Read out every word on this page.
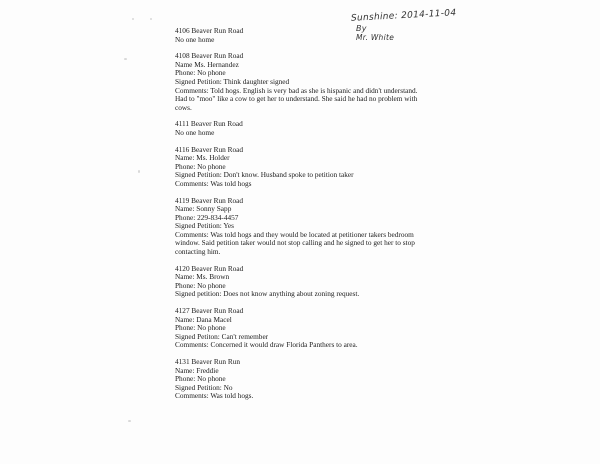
Sunshine: 2014-11-04
By
Mr. White
4106 Beaver Run Road
No one home
4108 Beaver Run Road
Name Ms. Hernandez
Phone: No phone
Signed Petition: Think daughter signed
Comments: Told hogs. English is very bad as she is hispanic and didn't understand. Had to "moo" like a cow to get her to understand. She said he had no problem with cows.
4111 Beaver Run Road
No one home
4116 Beaver Run Road
Name: Ms. Holder
Phone: No phone
Signed Petition: Don't know. Husband spoke to petition taker
Comments: Was told hogs
4119 Beaver Run Road
Name: Sonny Sapp
Phone: 229-834-4457
Signed Petition: Yes
Comments: Was told hogs and they would be located at petitioner takers bedroom window. Said petition taker would not stop calling and he signed to get her to stop contacting him.
4120 Beaver Run Road
Name: Ms. Brown
Phone: No phone
Signed petition: Does not know anything about zoning request.
4127 Beaver Run Road
Name: Dana Macel
Phone: No phone
Signed Petiton: Can't remember
Comments: Concerned it would draw Florida Panthers to area.
4131 Beaver Run Run
Name: Freddie
Phone: No phone
Signed Petition: No
Comments: Was told hogs.
